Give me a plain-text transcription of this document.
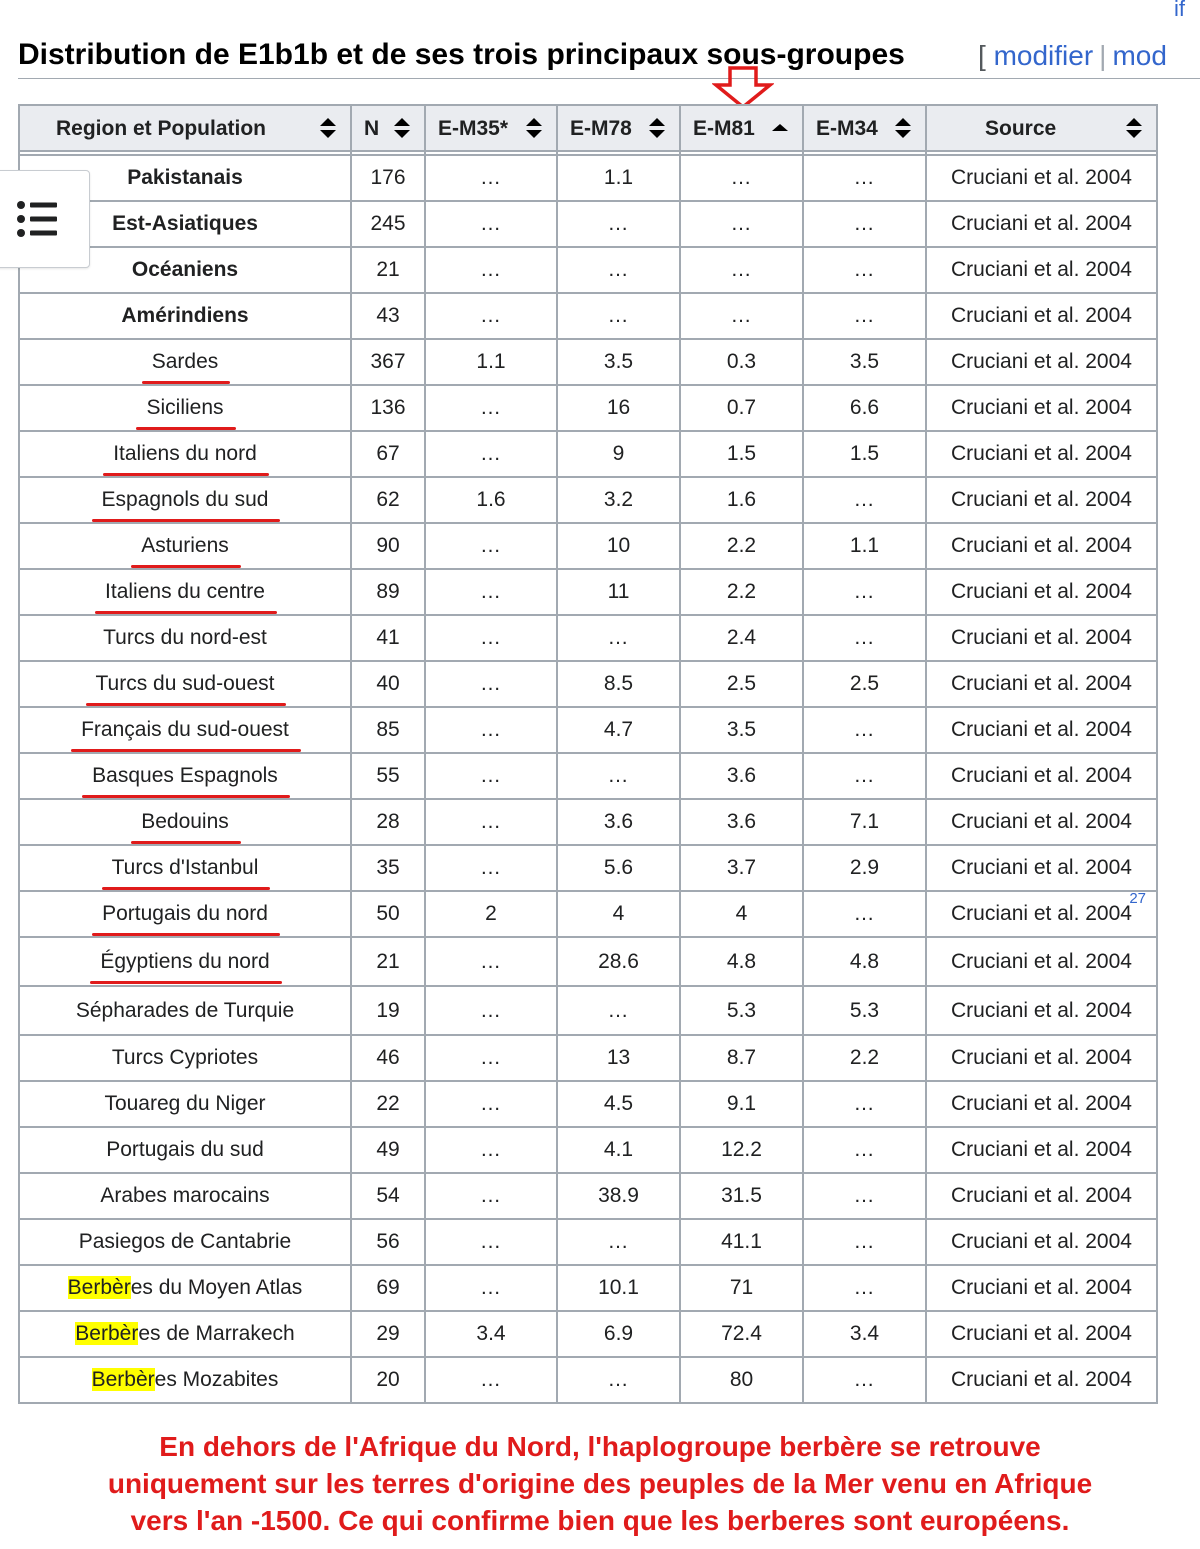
if
Distribution de E1b1b et de ses trois principaux sous-groupes	[ modifier | mod
Region et Population	N	E-M35*	E-M78	E-M81	E-M34	Source

Pakistanais	176	…	1.1	…	…	Cruciani et al. 2004
Est-Asiatiques	245	…	…	…	…	Cruciani et al. 2004
Océaniens	21	…	…	…	…	Cruciani et al. 2004
Amérindiens	43	…	…	…	…	Cruciani et al. 2004
Sardes	367	1.1	3.5	0.3	3.5	Cruciani et al. 2004
Siciliens	136	…	16	0.7	6.6	Cruciani et al. 2004
Italiens du nord	67	…	9	1.5	1.5	Cruciani et al. 2004
Espagnols du sud	62	1.6	3.2	1.6	…	Cruciani et al. 2004
Asturiens	90	…	10	2.2	1.1	Cruciani et al. 2004
Italiens du centre	89	…	11	2.2	…	Cruciani et al. 2004
Turcs du nord-est	41	…	…	2.4	…	Cruciani et al. 2004
Turcs du sud-ouest	40	…	8.5	2.5	2.5	Cruciani et al. 2004
Français du sud-ouest	85	…	4.7	3.5	…	Cruciani et al. 2004
Basques Espagnols	55	…	…	3.6	…	Cruciani et al. 2004
Bedouins	28	…	3.6	3.6	7.1	Cruciani et al. 2004
Turcs d'Istanbul	35	…	5.6	3.7	2.9	Cruciani et al. 2004
Portugais du nord	50	2	4	4	…	Cruciani et al. 2004
27

Égyptiens du nord	21	…	28.6	4.8	4.8	Cruciani et al. 2004
Sépharades de Turquie	19	…	…	5.3	5.3	Cruciani et al. 2004
Turcs Cypriotes	46	…	13	8.7	2.2	Cruciani et al. 2004
Touareg du Niger	22	…	4.5	9.1	…	Cruciani et al. 2004
Portugais du sud	49	…	4.1	12.2	…	Cruciani et al. 2004
Arabes marocains	54	…	38.9	31.5	…	Cruciani et al. 2004
Pasiegos de Cantabrie	56	...	…	41.1	…	Cruciani et al. 2004
Berbères du Moyen Atlas	69	…	10.1	71	…	Cruciani et al. 2004
Berbères de Marrakech	29	3.4	6.9	72.4	3.4	Cruciani et al. 2004
Berbères Mozabites	20	…	…	80	…	Cruciani et al. 2004
En dehors de l'Afrique du Nord, l'haplogroupe berbère se retrouve
uniquement sur les terres d'origine des peuples de la Mer venu en Afrique
vers l'an -1500. Ce qui confirme bien que les berberes sont européens.
